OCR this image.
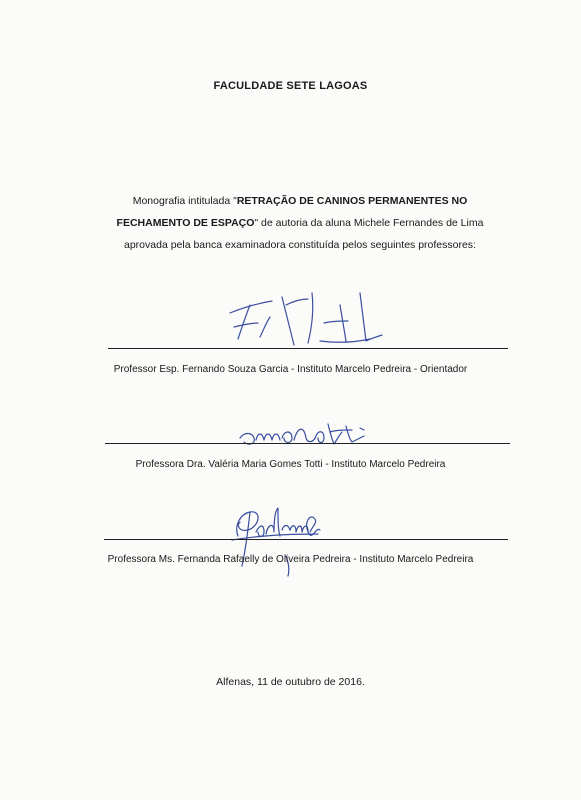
FACULDADE SETE LAGOAS
Monografia intitulada "RETRAÇÃO DE CANINOS PERMANENTES NO FECHAMENTO DE ESPAÇO" de autoria da aluna Michele Fernandes de Lima aprovada pela banca examinadora constituída pelos seguintes professores:
Professor Esp. Fernando Souza Garcia - Instituto Marcelo Pedreira - Orientador
Professora Dra. Valéria Maria Gomes Totti - Instituto Marcelo Pedreira
Professora Ms. Fernanda Rafaelly de Oliveira Pedreira - Instituto Marcelo Pedreira
Alfenas, 11 de outubro de 2016.
